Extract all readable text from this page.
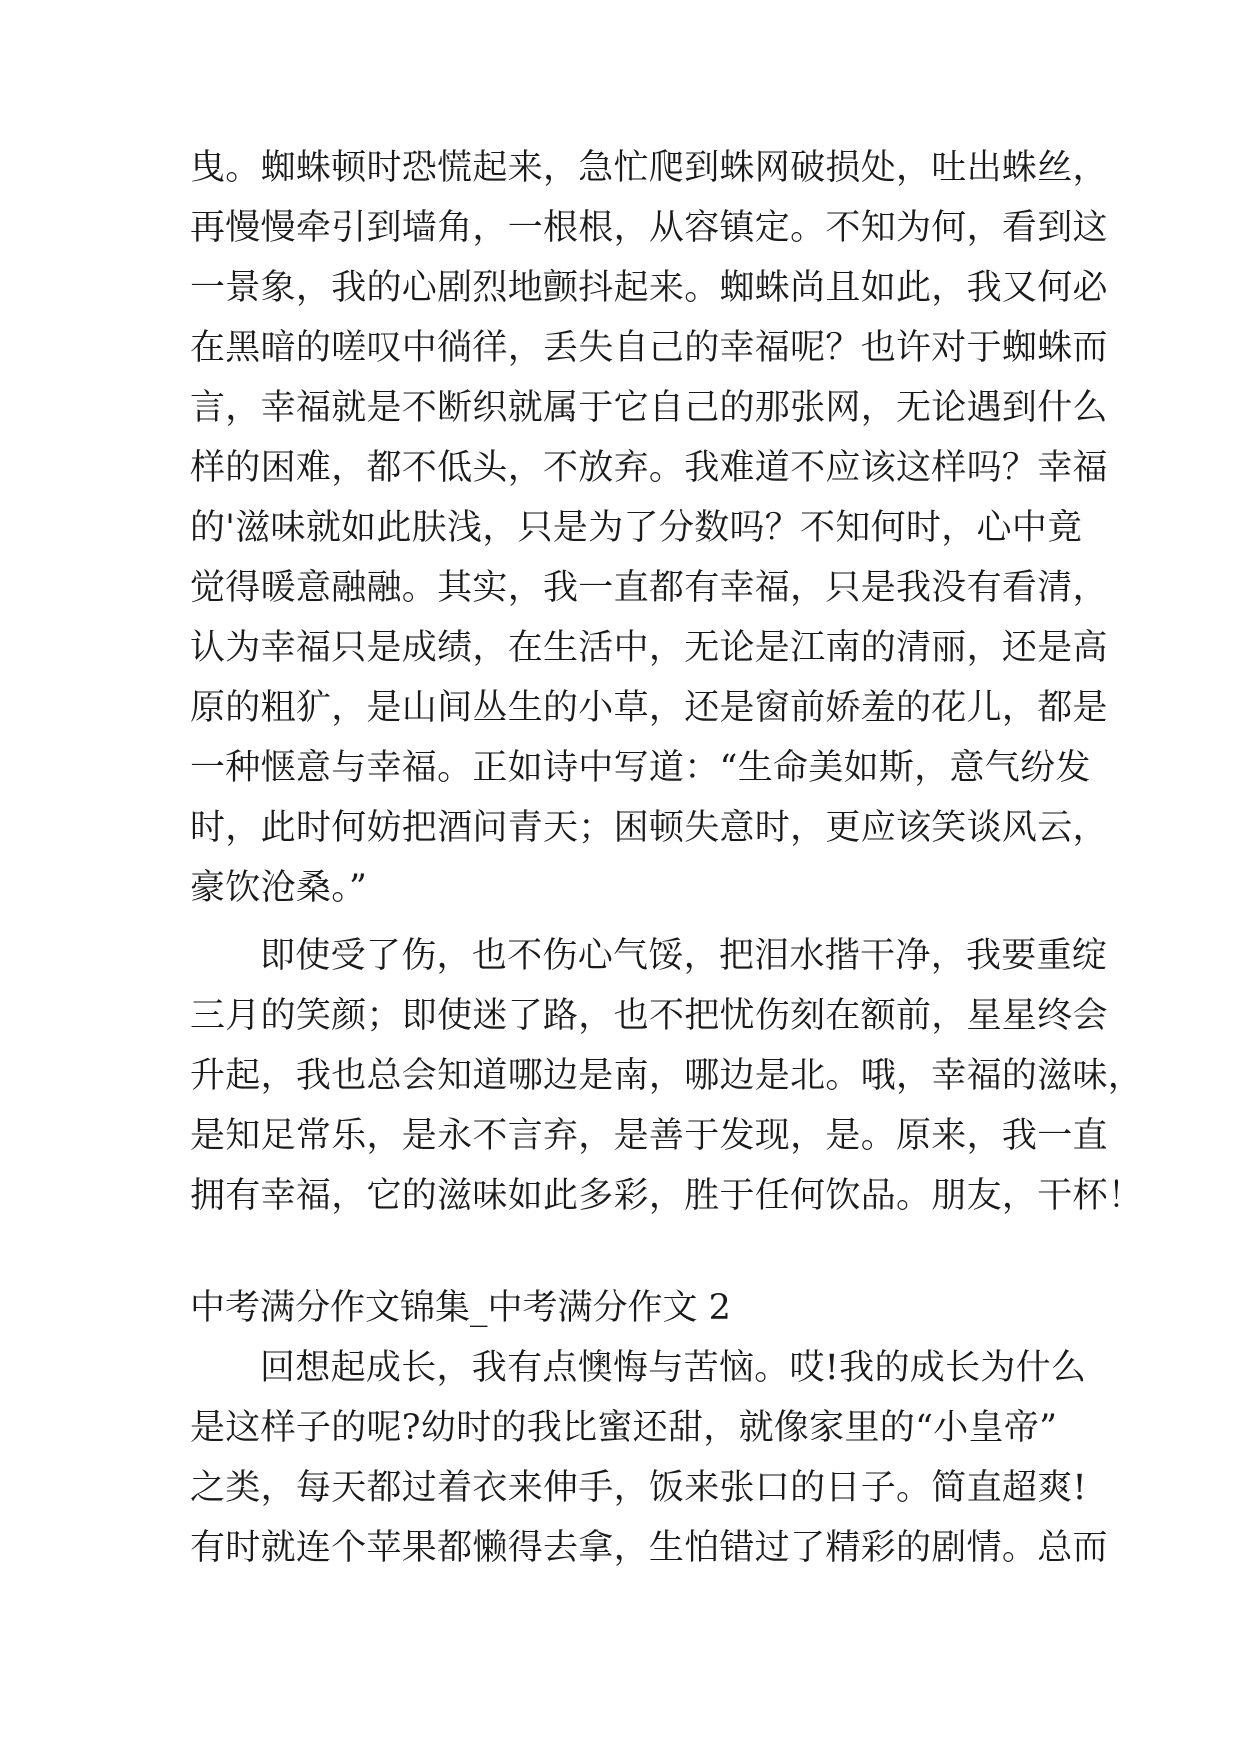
曳。蜘蛛顿时恐慌起来，急忙爬到蛛网破损处，吐出蛛丝，
再慢慢牵引到墙角，一根根，从容镇定。不知为何，看到这
一景象，我的心剧烈地颤抖起来。蜘蛛尚且如此，我又何必
在黑暗的嗟叹中徜徉，丢失自己的幸福呢？也许对于蜘蛛而
言，幸福就是不断织就属于它自己的那张网，无论遇到什么
样的困难，都不低头，不放弃。我难道不应该这样吗？幸福
的'滋味就如此肤浅，只是为了分数吗？不知何时，心中竟
觉得暖意融融。其实，我一直都有幸福，只是我没有看清，
认为幸福只是成绩，在生活中，无论是江南的清丽，还是高
原的粗犷，是山间丛生的小草，还是窗前娇羞的花儿，都是
一种惬意与幸福。正如诗中写道：“生命美如斯，意气纷发
时，此时何妨把酒问青天；困顿失意时，更应该笑谈风云，
豪饮沧桑。”
即使受了伤，也不伤心气馁，把泪水揩干净，我要重绽
三月的笑颜；即使迷了路，也不把忧伤刻在额前，星星终会
升起，我也总会知道哪边是南，哪边是北。哦，幸福的滋味，
是知足常乐，是永不言弃，是善于发现，是。原来，我一直
拥有幸福，它的滋味如此多彩，胜于任何饮品。朋友，干杯！
中考满分作文锦集_中考满分作文 2
回想起成长，我有点懊悔与苦恼。哎!我的成长为什么
是这样子的呢?幼时的我比蜜还甜，就像家里的“小皇帝”
之类，每天都过着衣来伸手，饭来张口的日子。简直超爽!
有时就连个苹果都懒得去拿，生怕错过了精彩的剧情。总而
